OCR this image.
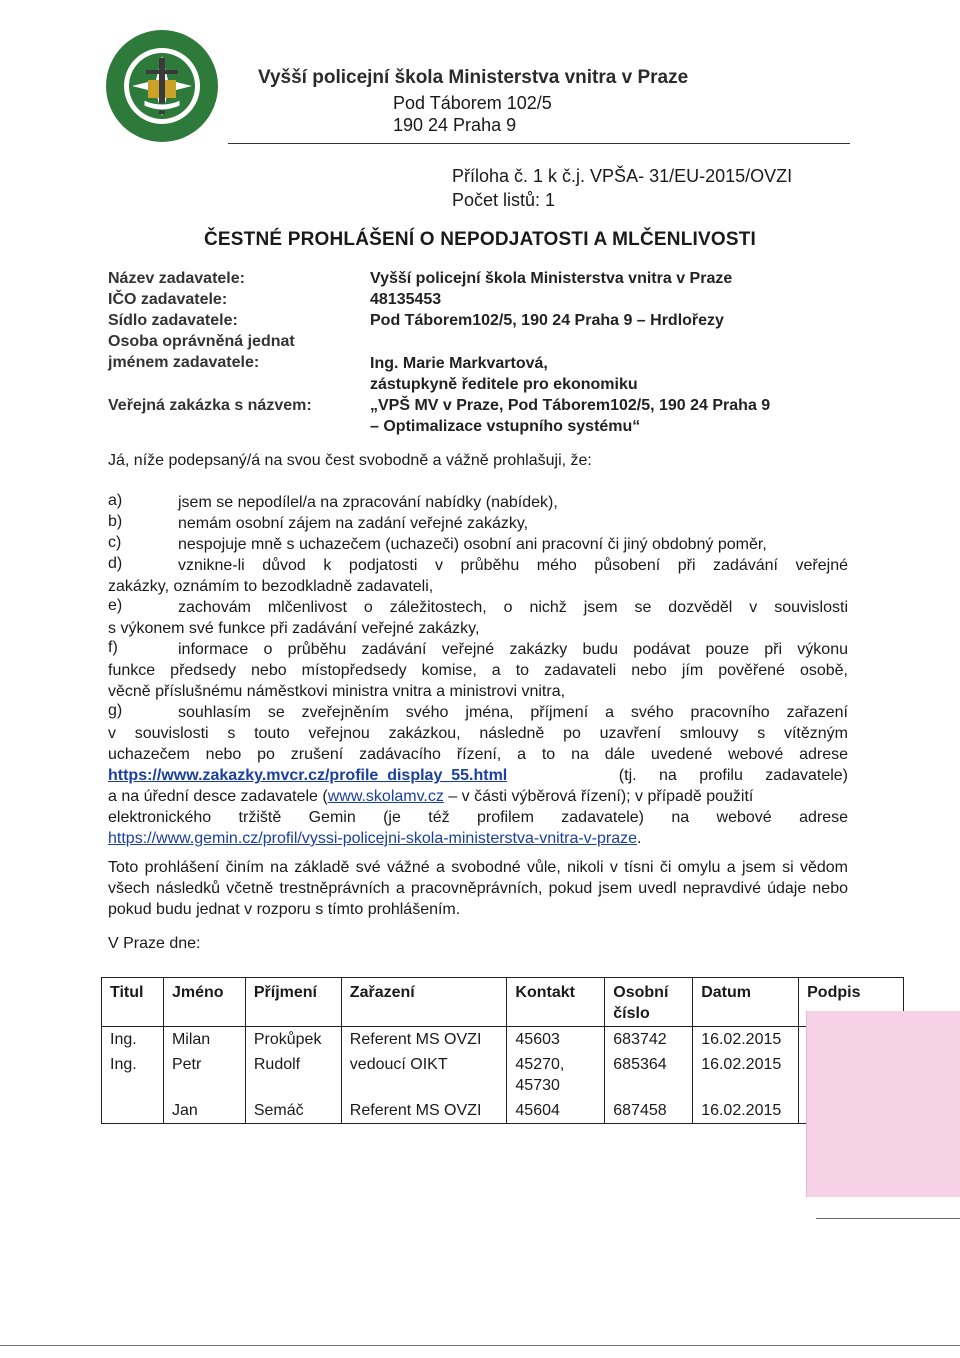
Vyšší policejní škola Ministerstva vnitra v Praze
Pod Táborem 102/5
190 24 Praha 9
Příloha č. 1 k č.j. VPŠA- 31/EU-2015/OVZI
Počet listů: 1
ČESTNÉ PROHLÁŠENÍ O NEPODJATOSTI A MLČENLIVOSTI
Název zadavatele:	Vyšší policejní škola Ministerstva vnitra v Praze
IČO zadavatele:	48135453
Sídlo zadavatele:	Pod Táborem102/5, 190 24 Praha 9 – Hrdlořezy
Osoba oprávněná jednat
jménem zadavatele:	Ing. Marie Markvartová,
zástupkyně ředitele pro ekonomiku
Veřejná zakázka s názvem:	„VPŠ MV v Praze, Pod Táborem102/5, 190 24 Praha 9
– Optimalizace vstupního systému“
Já, níže podepsaný/á na svou čest svobodně a vážně prohlašuji, že:
a)	jsem se nepodílel/a na zpracování nabídky (nabídek),
b)	nemám osobní zájem na zadání veřejné zakázky,
c)	nespojuje mně s uchazečem (uchazeči) osobní ani pracovní či jiný obdobný poměr,
d)	vznikne-li důvod k podjatosti v průběhu mého působení při zadávání veřejné
zakázky, oznámím to bezodkladně zadavateli,
e)	zachovám mlčenlivost o záležitostech, o nichž jsem se dozvěděl v souvislosti
s výkonem své funkce při zadávání veřejné zakázky,
f)	informace o průběhu zadávání veřejné zakázky budu podávat pouze při výkonu
funkce předsedy nebo místopředsedy komise, a to zadavateli nebo jím pověřené osobě,
věcně příslušnému náměstkovi ministra vnitra a ministrovi vnitra,
g)	souhlasím se zveřejněním svého jména, příjmení a svého pracovního zařazení
v souvislosti s touto veřejnou zakázkou, následně po uzavření smlouvy s vítězným
uchazečem nebo po zrušení zadávacího řízení, a to na dále uvedené webové adrese
https://www.zakazky.mvcr.cz/profile_display_55.html	(tj. na profilu zadavatele)
a na úřední desce zadavatele (www.skolamv.cz – v části výběrová řízení); v případě použití
elektronického tržiště Gemin (je též profilem zadavatele) na webové adrese
https://www.gemin.cz/profil/vyssi-policejni-skola-ministerstva-vnitra-v-praze.
Toto prohlášení činím na základě své vážné a svobodné vůle, nikoli v tísni či omylu a jsem si vědom všech následků včetně trestněprávních a pracovněprávních, pokud jsem uvedl nepravdivé údaje nebo pokud budu jednat v rozporu s tímto prohlášením.
V Praze dne:
Titul	Jméno	Příjmení	Zařazení	Kontakt	Osobní číslo	Datum	Podpis
Ing.	Milan	Prokůpek	Referent MS OVZI	45603	683742	16.02.2015	
Ing.	Petr	Rudolf	vedoucí OIKT	45270, 45730	685364	16.02.2015	
	Jan	Semáč	Referent MS OVZI	45604	687458	16.02.2015	
